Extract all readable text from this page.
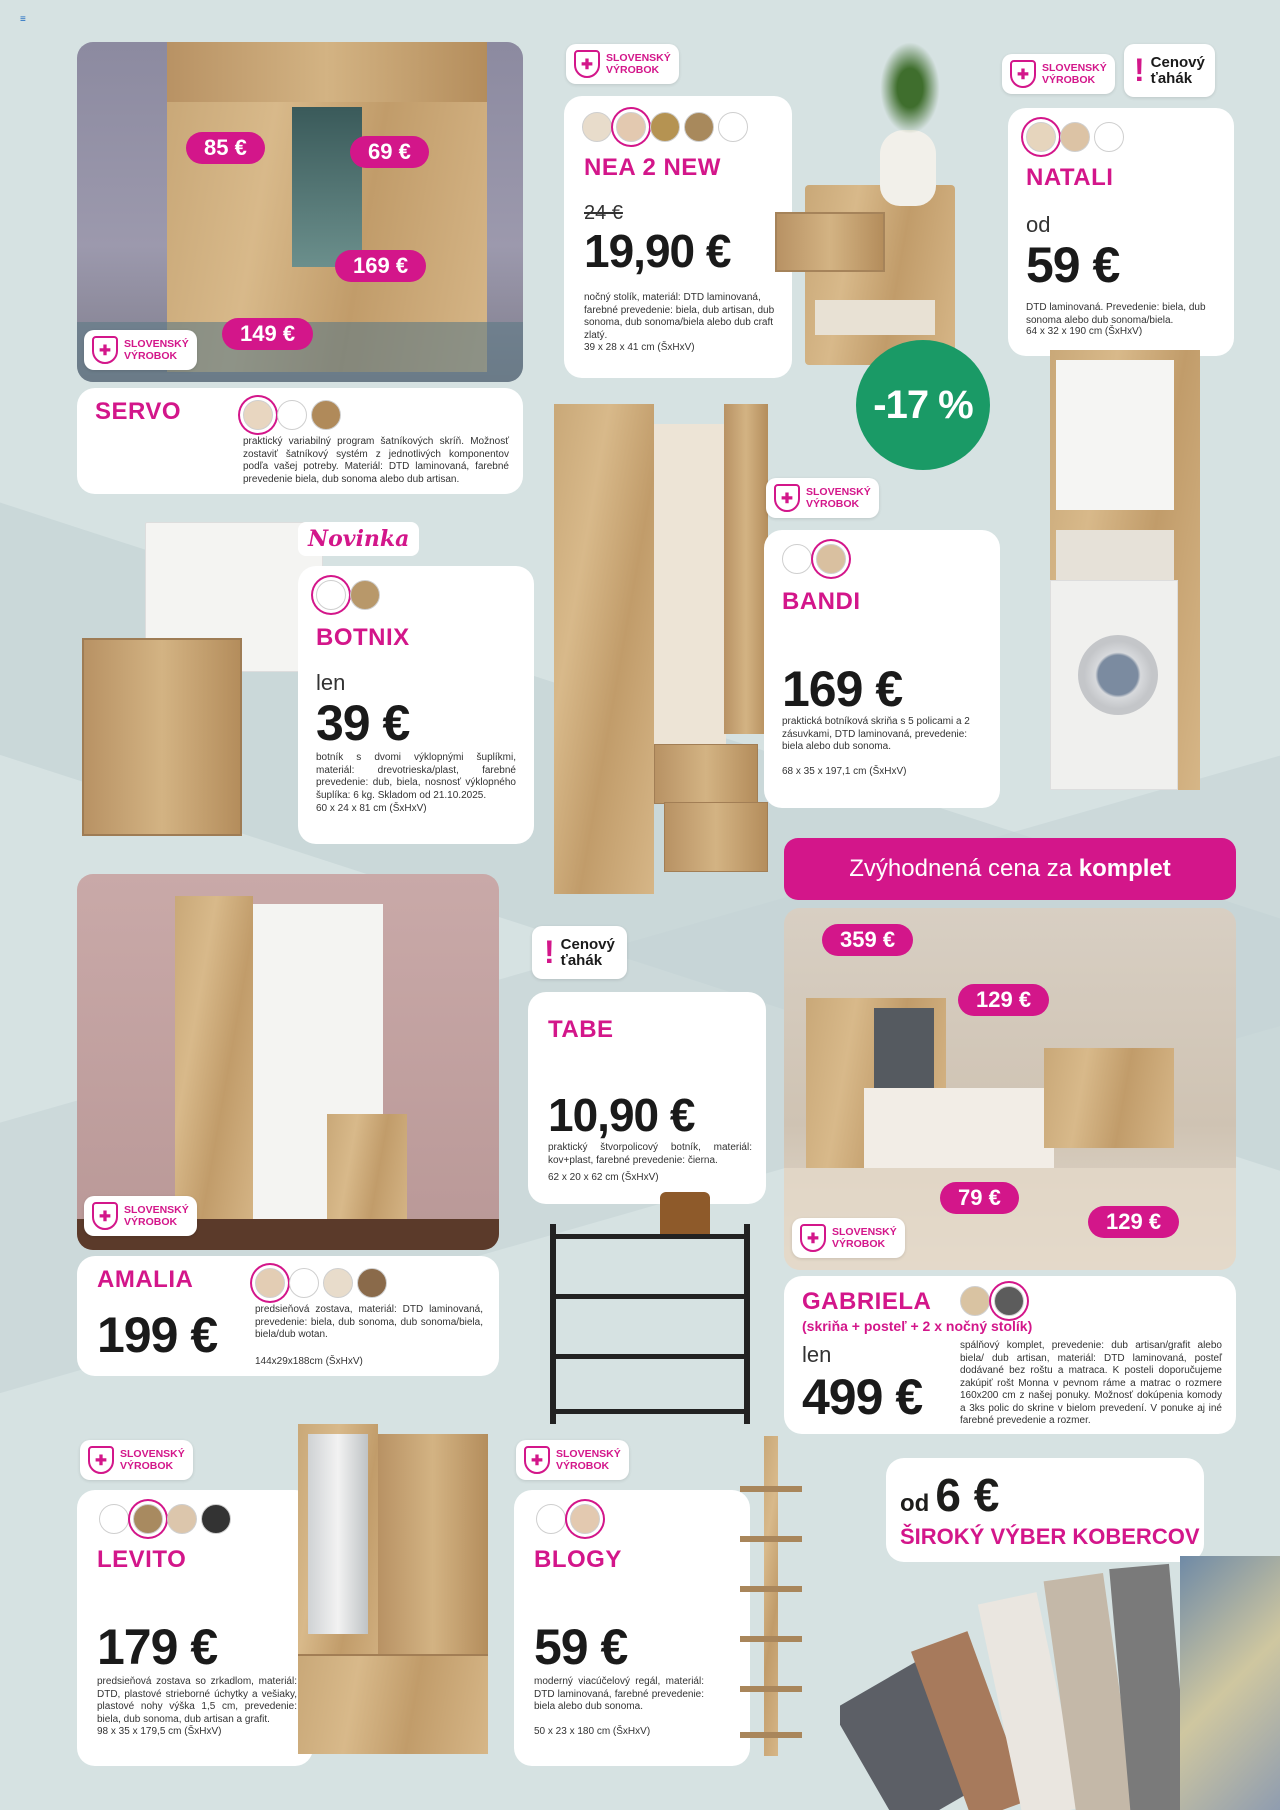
≡
85 €	69 €
169 €
149 €
✚	SLOVENSKÝ
VÝROBOK
SERVO
praktický variabilný program šatníkových skríň. Možnosť zostaviť šatníkový systém z jednotlivých komponentov podľa vašej potreby. Materiál: DTD laminovaná, farebné prevedenie biela, dub sonoma alebo dub artisan.
✚	SLOVENSKÝ
VÝROBOK
NEA 2 NEW
24 €
19,90 €
nočný stolík, materiál: DTD laminovaná, farebné prevedenie: biela, dub artisan, dub sonoma, dub sonoma/biela alebo dub craft zlatý.
39 x 28 x 41 cm (ŠxHxV)
-17 %
✚	SLOVENSKÝ
VÝROBOK	! Cenový
ťahák
NATALI
od
59 €
DTD laminovaná. Prevedenie: biela, dub sonoma alebo dub sonoma/biela.
64 x 32 x 190 cm (ŠxHxV)
Novinka
BOTNIX
len
39 €
botník s dvomi výklopnými šuplíkmi, materiál: drevotrieska/plast, farebné prevedenie: dub, biela, nosnosť výklopného šuplíka: 6 kg. Skladom od 21.10.2025.
60 x 24 x 81 cm (ŠxHxV)
✚	SLOVENSKÝ
VÝROBOK
BANDI
169 €
praktická botníková skriňa s 5 policami a 2 zásuvkami, DTD laminovaná, prevedenie: biela alebo dub sonoma.
68 x 35 x 197,1 cm (ŠxHxV)
Zvýhodnená cena za komplet
✚	SLOVENSKÝ
VÝROBOK
AMALIA
199 €	predsieňová zostava, materiál: DTD laminovaná, prevedenie: biela, dub sonoma, dub sonoma/biela, biela/dub wotan.
144x29x188cm (ŠxHxV)
! Cenový
ťahák
TABE
10,90 €
praktický štvorpolicový botník, materiál: kov+plast, farebné prevedenie: čierna.
62 x 20 x 62 cm (ŠxHxV)
359 €
129 €
79 €
129 €
✚	SLOVENSKÝ
VÝROBOK
GABRIELA
(skriňa + posteľ + 2 x nočný stolík)
len
499 €
spálňový komplet, prevedenie: dub artisan/grafit alebo biela/ dub artisan, materiál: DTD laminovaná, posteľ dodávané bez roštu a matraca. K posteli doporučujeme zakúpiť rošt Monna v pevnom ráme a matrac o rozmere 160x200 cm z našej ponuky. Možnosť dokúpenia komody a 3ks polic do skrine v bielom prevedení. V ponuke aj iné farebné prevedenie a rozmer.
✚	SLOVENSKÝ
VÝROBOK
LEVITO
179 €
predsieňová zostava so zrkadlom, materiál: DTD, plastové strieborné úchytky a vešiaky, plastové nohy výška 1,5 cm, prevedenie: biela, dub sonoma, dub artisan a grafit.
98 x 35 x 179,5 cm (ŠxHxV)
✚	SLOVENSKÝ
VÝROBOK
BLOGY
59 €
moderný viacúčelový regál, materiál: DTD laminovaná, farebné prevedenie: biela alebo dub sonoma.
50 x 23 x 180 cm (ŠxHxV)
od 6 €
ŠIROKÝ VÝBER KOBERCOV
